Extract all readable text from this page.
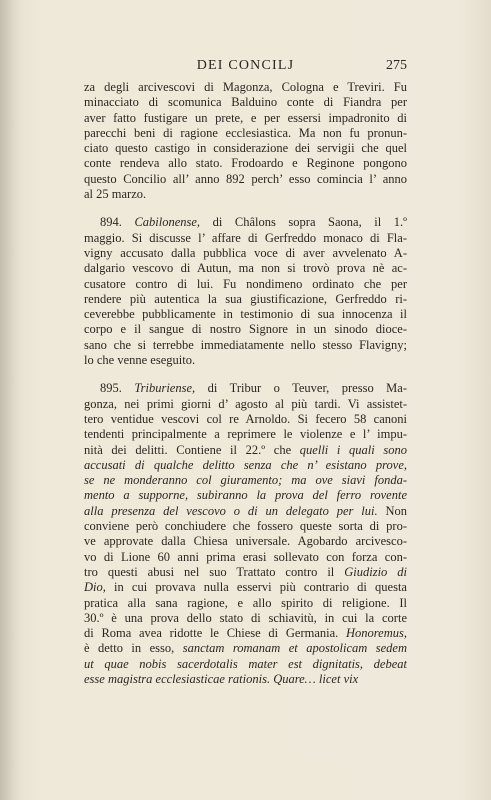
DEI CONCILJ	275
za degli arcivescovi di Magonza, Cologna e Treviri. Fu
minacciato di scomunica Balduino conte di Fiandra per
aver fatto fustigare un prete, e per essersi impadronito di
parecchi beni di ragione ecclesiastica. Ma non fu pronun-
ciato questo castigo in considerazione dei servigii che quel
conte rendeva allo stato. Frodoardo e Reginone pongono
questo Concilio all’ anno 892 perch’ esso comincia l’ anno
al 25 marzo.
894. Cabilonense, di Châlons sopra Saona, il 1.º
maggio. Si discusse l’ affare di Gerfreddo monaco di Fla-
vigny accusato dalla pubblica voce di aver avvelenato A-
dalgario vescovo di Autun, ma non si trovò prova nè ac-
cusatore contro di lui. Fu nondimeno ordinato che per
rendere più autentica la sua giustificazione, Gerfreddo ri-
ceverebbe pubblicamente in testimonio di sua innocenza il
corpo e il sangue di nostro Signore in un sinodo dioce-
sano che si terrebbe immediatamente nello stesso Flavigny;
lo che venne eseguito.
895. Triburiense, di Tribur o Teuver, presso Ma-
gonza, nei primi giorni d’ agosto al più tardi. Vi assistet-
tero ventidue vescovi col re Arnoldo. Si fecero 58 canoni
tendenti principalmente a reprimere le violenze e l’ impu-
nità dei delitti. Contiene il 22.º che quelli i quali sono
accusati di qualche delitto senza che n’ esistano prove,
se ne monderanno col giuramento; ma ove siavi fonda-
mento a supporne, subiranno la prova del ferro rovente
alla presenza del vescovo o di un delegato per lui. Non
conviene però conchiudere che fossero queste sorta di pro-
ve approvate dalla Chiesa universale. Agobardo arcivesco-
vo di Lione 60 anni prima erasi sollevato con forza con-
tro questi abusi nel suo Trattato contro il Giudizio di
Dio, in cui provava nulla esservi più contrario di questa
pratica alla sana ragione, e allo spirito di religione. Il
30.º è una prova dello stato di schiavitù, in cui la corte
di Roma avea ridotte le Chiese di Germania. Honoremus,
è detto in esso, sanctam romanam et apostolicam sedem
ut quae nobis sacerdotalis mater est dignitatis, debeat
esse magistra ecclesiasticae rationis. Quare… licet vix
